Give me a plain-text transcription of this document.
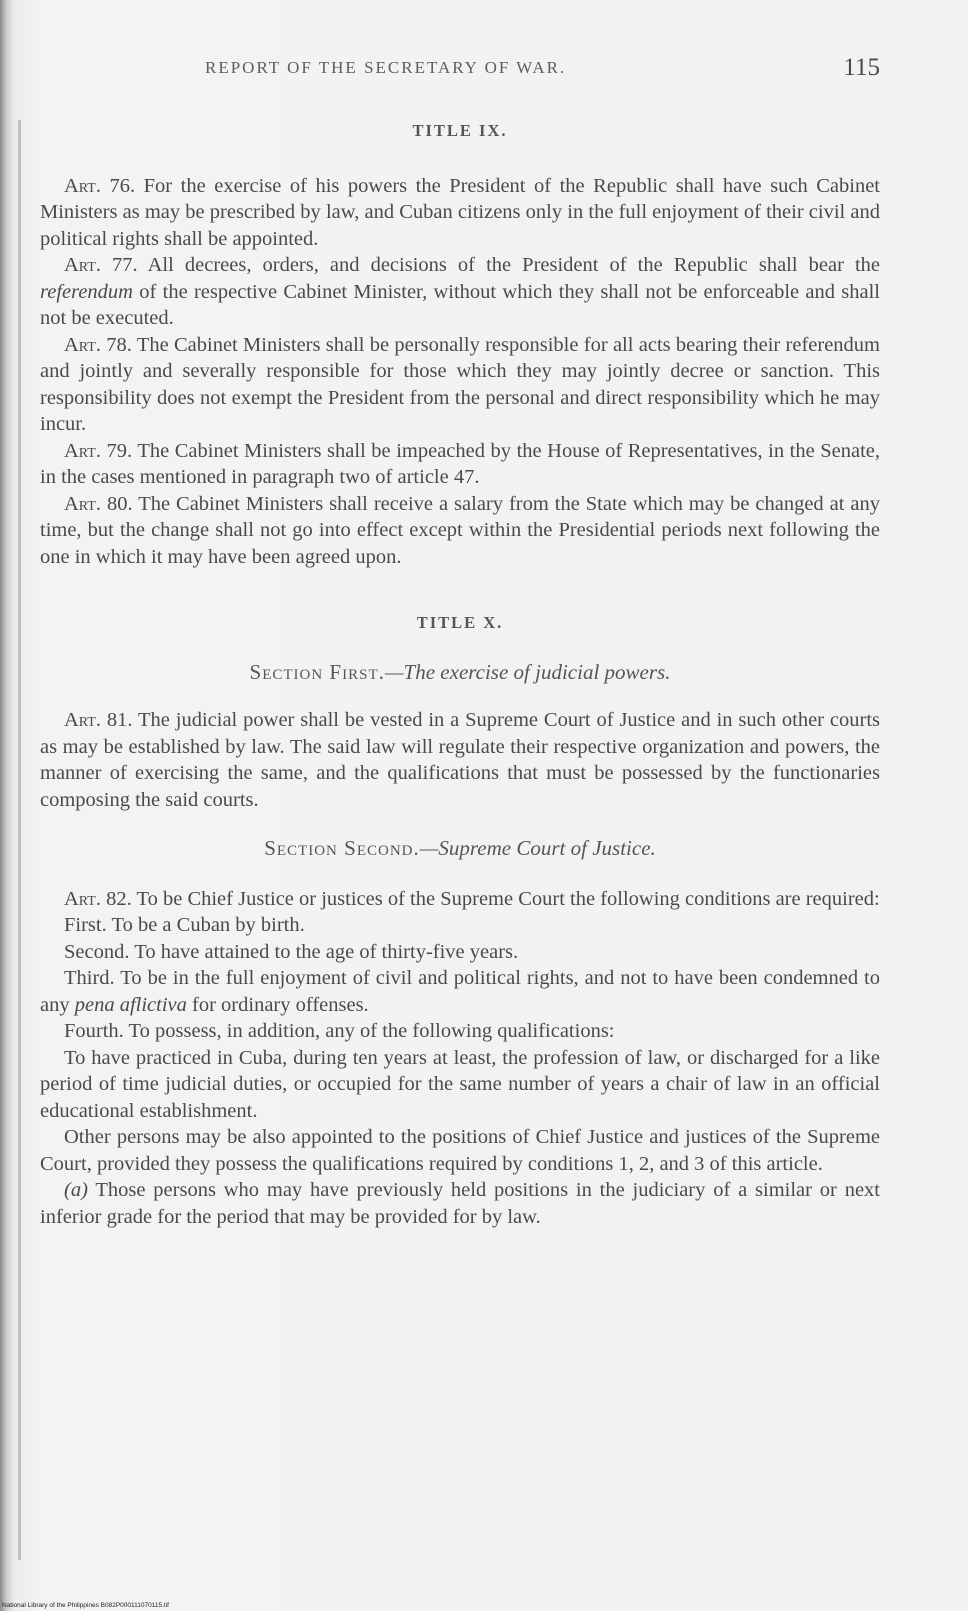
REPORT OF THE SECRETARY OF WAR.	115
TITLE IX.

Art. 76. For the exercise of his powers the President of the Republic shall have such Cabinet Ministers as may be prescribed by law, and Cuban citizens only in the full enjoyment of their civil and political rights shall be appointed.

Art. 77. All decrees, orders, and decisions of the President of the Republic shall bear the referendum of the respective Cabinet Minister, without which they shall not be enforceable and shall not be executed.

Art. 78. The Cabinet Ministers shall be personally responsible for all acts bearing their referendum and jointly and severally responsible for those which they may jointly decree or sanction. This responsibility does not exempt the President from the personal and direct responsibility which he may incur.

Art. 79. The Cabinet Ministers shall be impeached by the House of Representatives, in the Senate, in the cases mentioned in paragraph two of article 47.

Art. 80. The Cabinet Ministers shall receive a salary from the State which may be changed at any time, but the change shall not go into effect except within the Presidential periods next following the one in which it may have been agreed upon.

TITLE X.

Section First.—The exercise of judicial powers.

Art. 81. The judicial power shall be vested in a Supreme Court of Justice and in such other courts as may be established by law. The said law will regulate their respective organization and powers, the manner of exercising the same, and the qualifications that must be possessed by the functionaries composing the said courts.

Section Second.—Supreme Court of Justice.

Art. 82. To be Chief Justice or justices of the Supreme Court the following conditions are required:

First. To be a Cuban by birth.

Second. To have attained to the age of thirty-five years.

Third. To be in the full enjoyment of civil and political rights, and not to have been condemned to any pena aflictiva for ordinary offenses.

Fourth. To possess, in addition, any of the following qualifications:

To have practiced in Cuba, during ten years at least, the profession of law, or discharged for a like period of time judicial duties, or occupied for the same number of years a chair of law in an official educational establishment.

Other persons may be also appointed to the positions of Chief Justice and justices of the Supreme Court, provided they possess the qualifications required by conditions 1, 2, and 3 of this article.

(a) Those persons who may have previously held positions in the judiciary of a similar or next inferior grade for the period that may be provided for by law.

National Library of the Philippines B082P000111070115.tif
